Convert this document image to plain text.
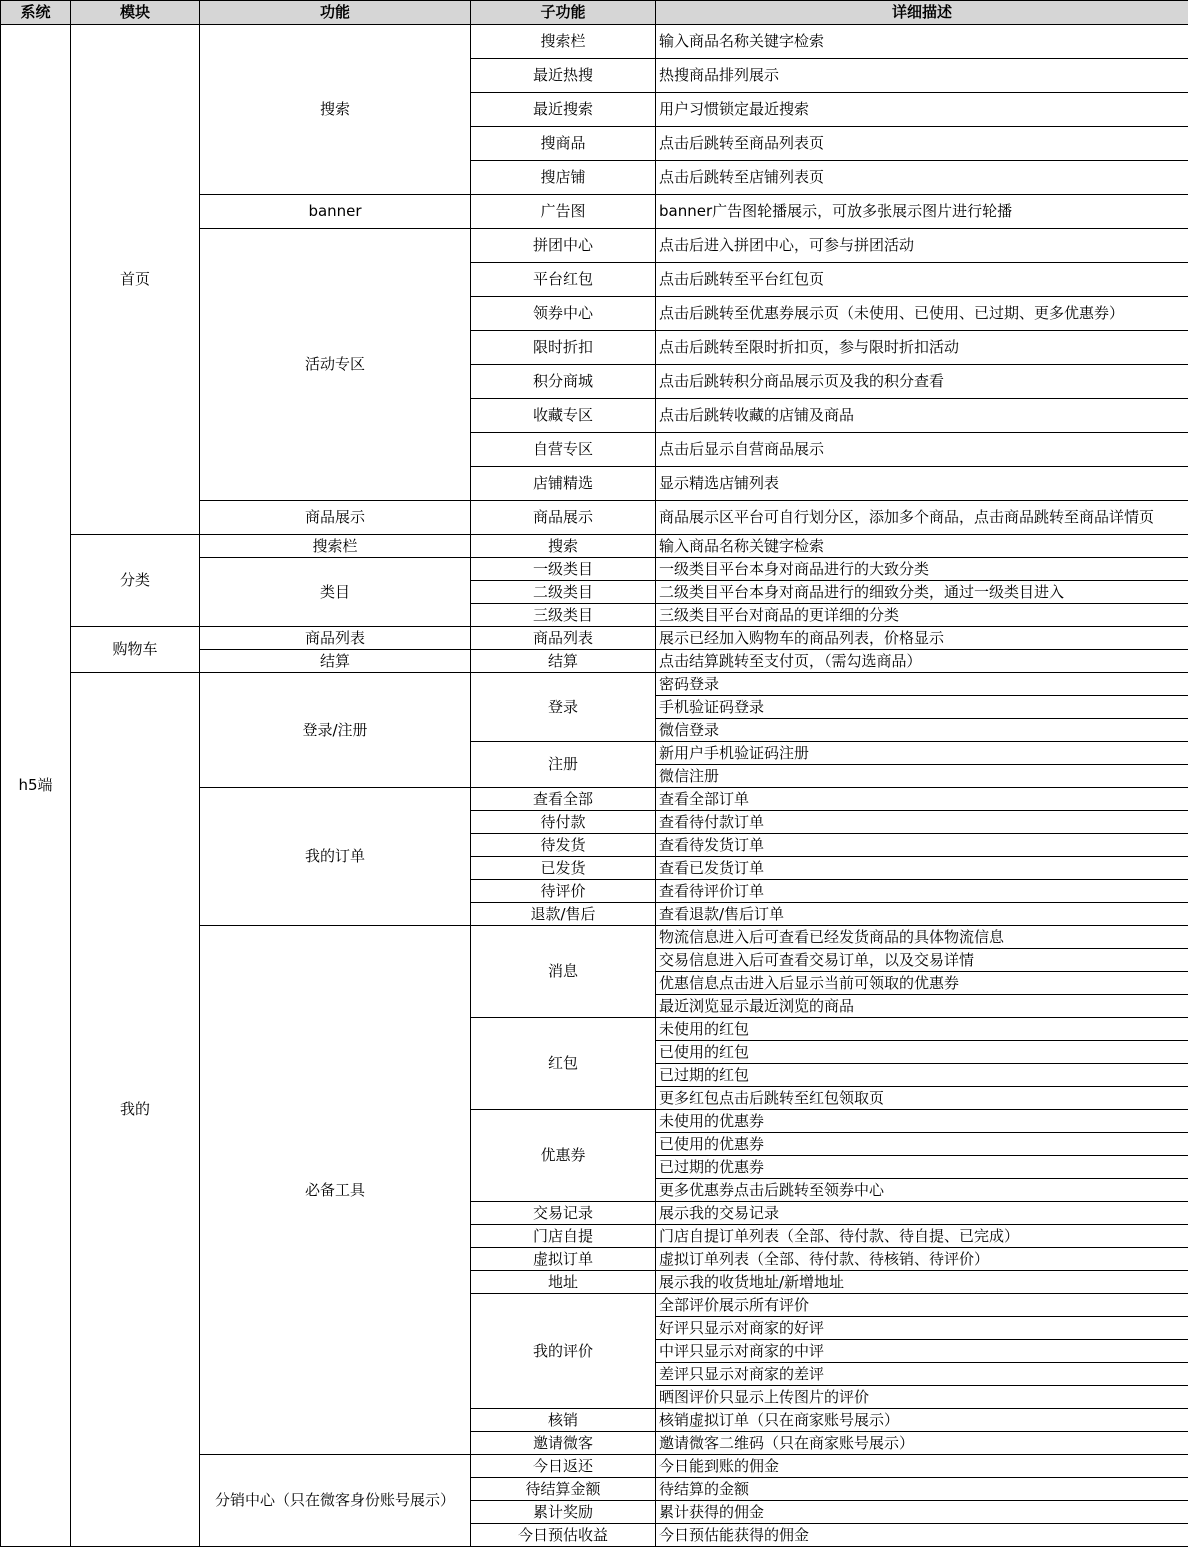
系统	模块	功能	子功能	详细描述
h5端	首页	搜索	搜索栏	输入商品名称关键字检索
			最近热搜	热搜商品排列展示
			最近搜索	用户习惯锁定最近搜索
			搜商品	点击后跳转至商品列表页
			搜店铺	点击后跳转至店铺列表页
		banner	广告图	banner广告图轮播展示，可放多张展示图片进行轮播
		活动专区	拼团中心	点击后进入拼团中心，可参与拼团活动
			平台红包	点击后跳转至平台红包页
			领券中心	点击后跳转至优惠券展示页（未使用、已使用、已过期、更多优惠券）
			限时折扣	点击后跳转至限时折扣页，参与限时折扣活动
			积分商城	点击后跳转积分商品展示页及我的积分查看
			收藏专区	点击后跳转收藏的店铺及商品
			自营专区	点击后显示自营商品展示
			店铺精选	显示精选店铺列表
		商品展示	商品展示	商品展示区平台可自行划分区，添加多个商品，点击商品跳转至商品详情页
	分类	搜索栏	搜索	输入商品名称关键字检索
		类目	一级类目	一级类目平台本身对商品进行的大致分类
			二级类目	二级类目平台本身对商品进行的细致分类，通过一级类目进入
			三级类目	三级类目平台对商品的更详细的分类
	购物车	商品列表	商品列表	展示已经加入购物车的商品列表，价格显示
		结算	结算	点击结算跳转至支付页，（需勾选商品）
	我的	登录/注册	登录	密码登录
				手机验证码登录
				微信登录
			注册	新用户手机验证码注册
				微信注册
		我的订单	查看全部	查看全部订单
			待付款	查看待付款订单
			待发货	查看待发货订单
			已发货	查看已发货订单
			待评价	查看待评价订单
			退款/售后	查看退款/售后订单
		必备工具	消息	物流信息进入后可查看已经发货商品的具体物流信息
				交易信息进入后可查看交易订单，以及交易详情
				优惠信息点击进入后显示当前可领取的优惠券
				最近浏览显示最近浏览的商品
			红包	未使用的红包
				已使用的红包
				已过期的红包
				更多红包点击后跳转至红包领取页
			优惠券	未使用的优惠券
				已使用的优惠券
				已过期的优惠券
				更多优惠券点击后跳转至领券中心
			交易记录	展示我的交易记录
			门店自提	门店自提订单列表（全部、待付款、待自提、已完成）
			虚拟订单	虚拟订单列表（全部、待付款、待核销、待评价）
			地址	展示我的收货地址/新增地址
			我的评价	全部评价展示所有评价
				好评只显示对商家的好评
				中评只显示对商家的中评
				差评只显示对商家的差评
				晒图评价只显示上传图片的评价
			核销	核销虚拟订单（只在商家账号展示）
			邀请微客	邀请微客二维码（只在商家账号展示）
		分销中心（只在微客身份账号展示）	今日返还	今日能到账的佣金
			待结算金额	待结算的金额
			累计奖励	累计获得的佣金
			今日预估收益	今日预估能获得的佣金
